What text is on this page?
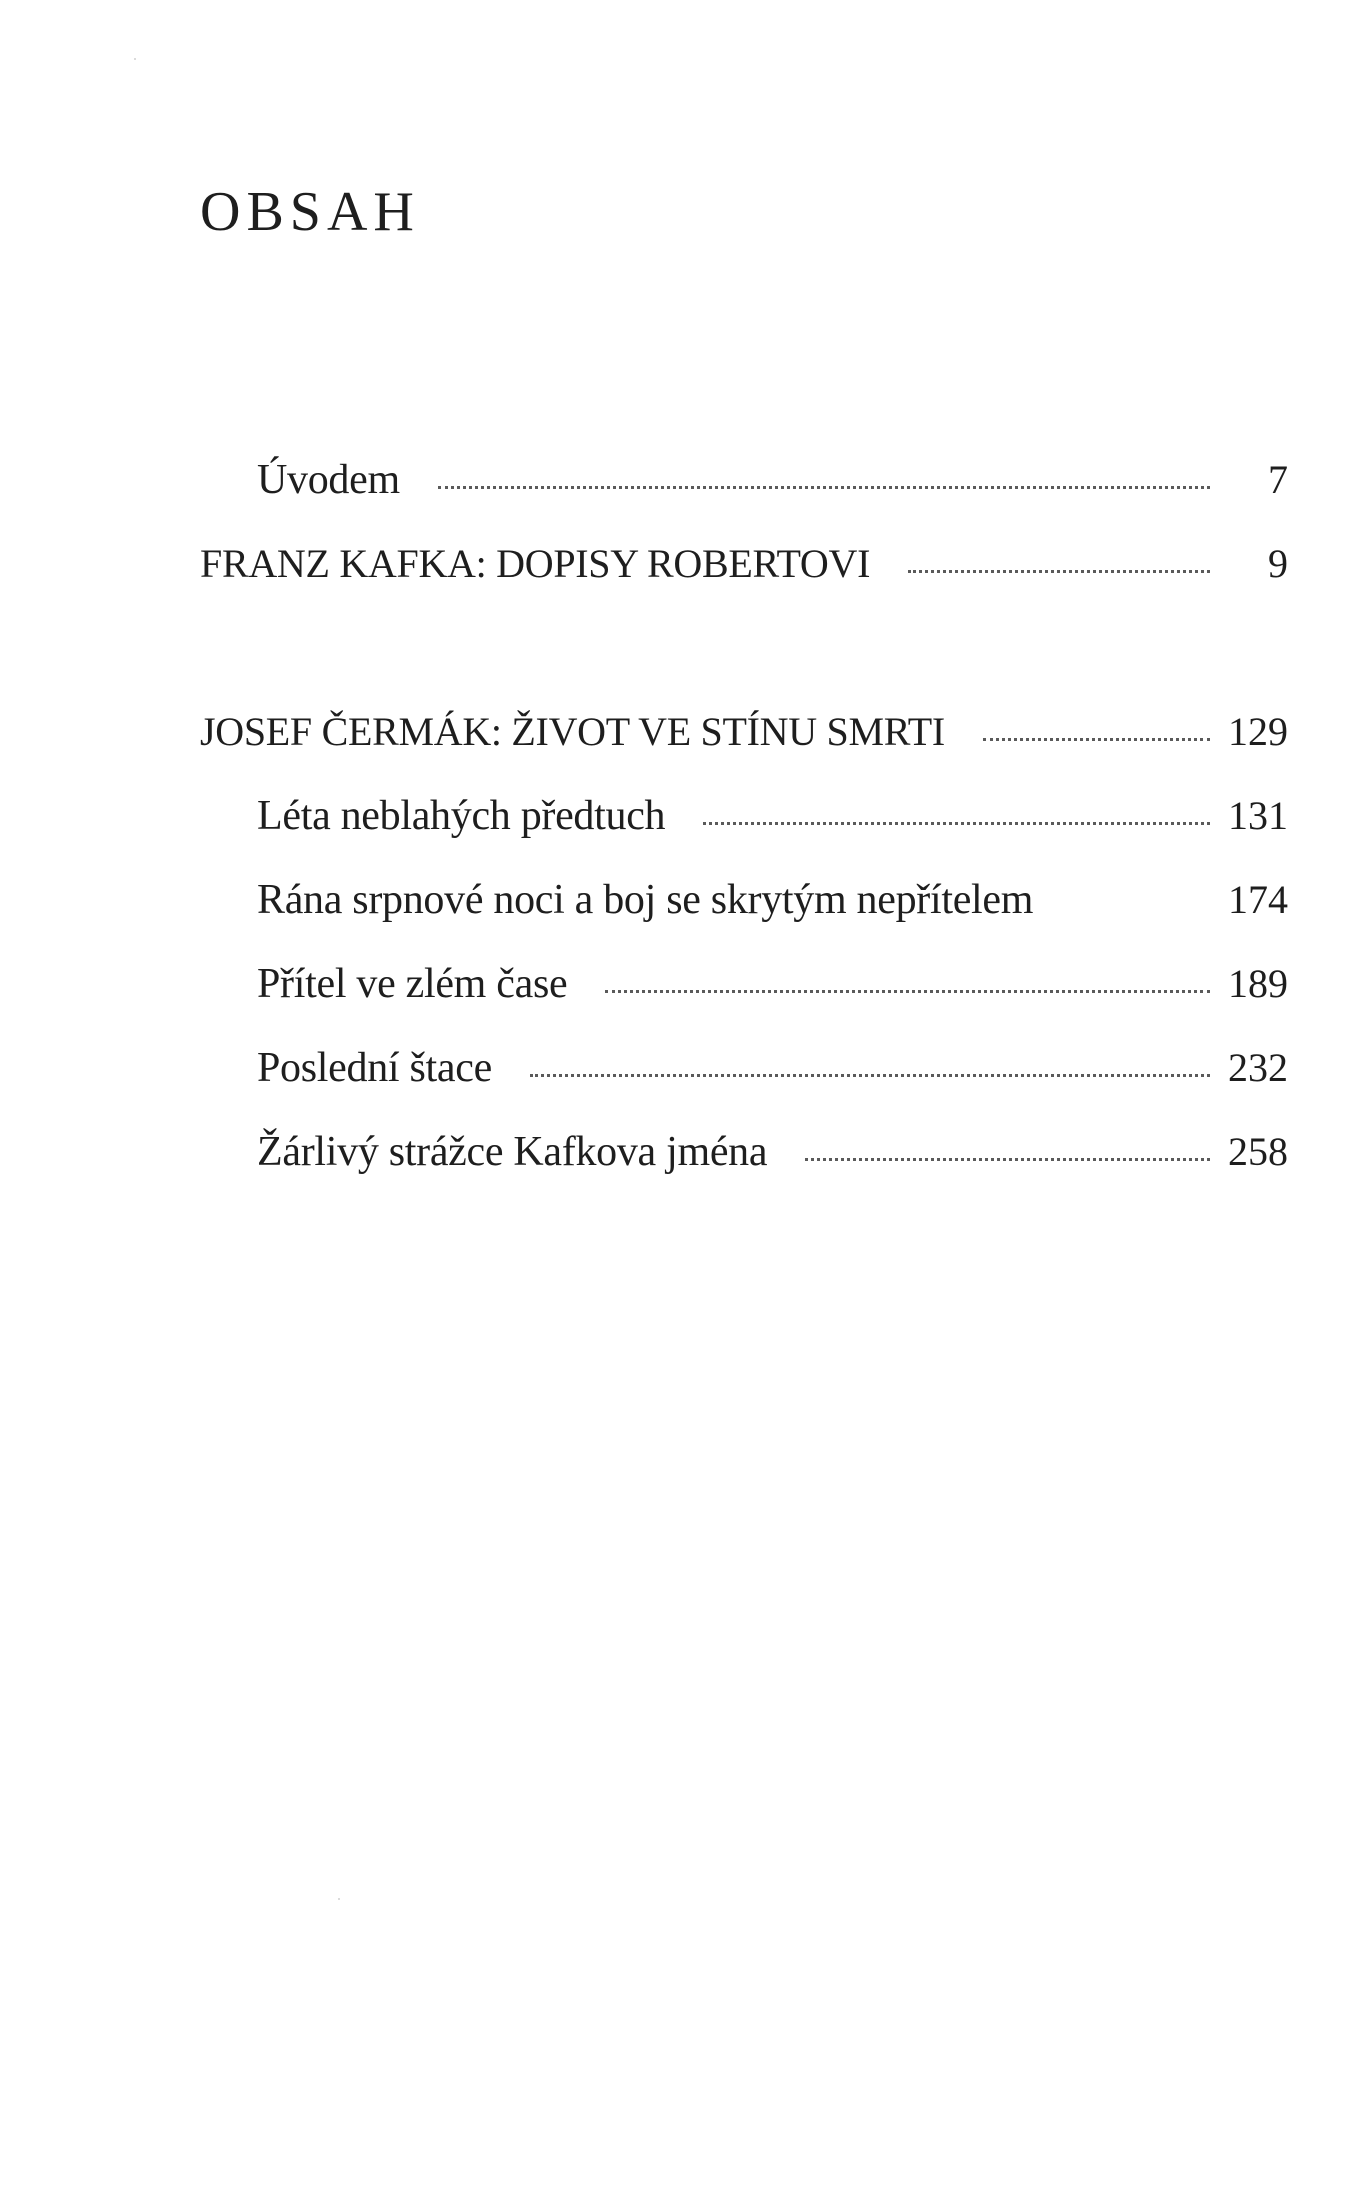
OBSAH
Úvodem	7
FRANZ KAFKA: DOPISY ROBERTOVI	9
JOSEF ČERMÁK: ŽIVOT VE STÍNU SMRTI	129
Léta neblahých předtuch	131
Rána srpnové noci a boj se skrytým nepřítelem	174
Přítel ve zlém čase	189
Poslední štace	232
Žárlivý strážce Kafkova jména	258
